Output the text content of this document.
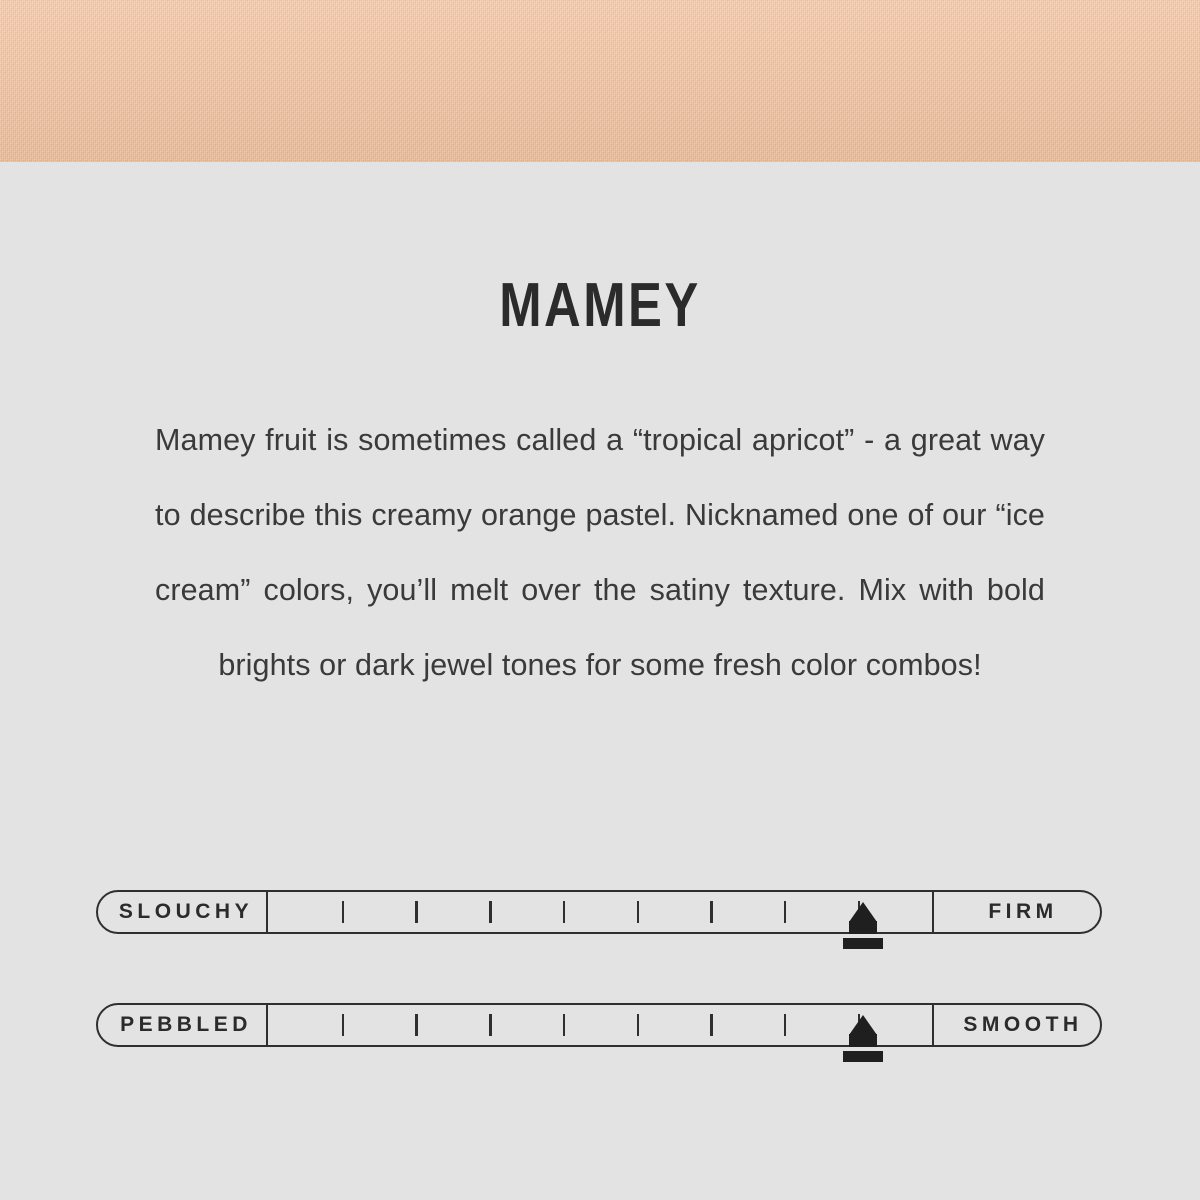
MAMEY

Mamey fruit is sometimes called a “tropical apricot” - a great way to describe this creamy orange pastel. Nicknamed one of our “ice cream” colors, you’ll melt over the satiny texture. Mix with bold brights or dark jewel tones for some fresh color combos!

SLOUCHY	FIRM
PEBBLED	SMOOTH
